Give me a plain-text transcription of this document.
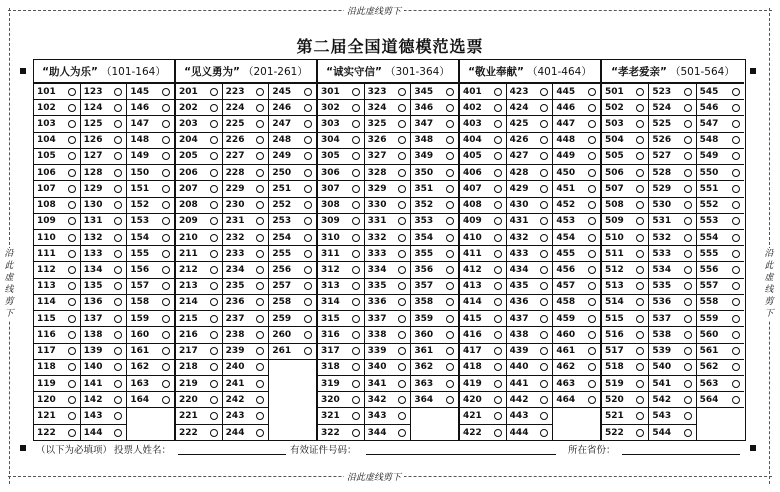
沿此虚线剪下
沿此虚线剪下
沿
此
虚
线
剪
下
沿
此
虚
线
剪
下
第二届全国道德模范选票
“助人为乐” （101-164）
101
102
103
104
105
106
107
108
109
110
111
112
113
114
115
116
117
118
119
120
121
122
123
124
125
126
127
128
129
130
131
132
133
134
135
136
137
138
139
140
141
142
143
144
145
146
147
148
149
150
151
152
153
154
155
156
157
158
159
160
161
162
163
164
“见义勇为” （201-261）
201
202
203
204
205
206
207
208
209
210
211
212
213
214
215
216
217
218
219
220
221
222
223
224
225
226
227
228
229
230
231
232
233
234
235
236
237
238
239
240
241
242
243
244
245
246
247
248
249
250
251
252
253
254
255
256
257
258
259
260
261
“诚实守信” （301-364）
301
302
303
304
305
306
307
308
309
310
311
312
313
314
315
316
317
318
319
320
321
322
323
324
325
326
327
328
329
330
331
332
333
334
335
336
337
338
339
340
341
342
343
344
345
346
347
348
349
350
351
352
353
354
355
356
357
358
359
360
361
362
363
364
“敬业奉献” （401-464）
401
402
403
404
405
406
407
408
409
410
411
412
413
414
415
416
417
418
419
420
421
422
423
424
425
426
427
428
429
430
431
432
433
434
435
436
437
438
439
440
441
442
443
444
445
446
447
448
449
450
451
452
453
454
455
456
457
458
459
460
461
462
463
464
“孝老爱亲” （501-564）
501
502
503
504
505
506
507
508
509
510
511
512
513
514
515
516
517
518
519
520
521
522
523
524
525
526
527
528
529
530
531
532
533
534
535
536
537
538
539
540
541
542
543
544
545
546
547
548
549
550
551
552
553
554
555
556
557
558
559
560
561
562
563
564
（以下为必填项） 投票人姓名：	有效证件号码：	所在省份：
